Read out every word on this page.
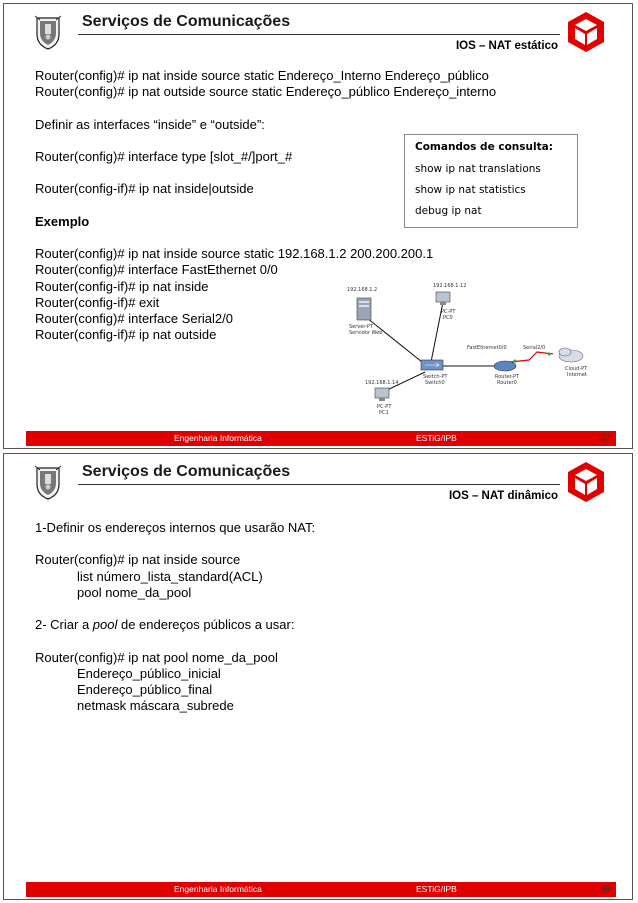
Serviços de Comunicações
IOS – NAT estático
Router(config)# ip nat inside source static Endereço_Interno Endereço_público
Router(config)# ip nat outside source static Endereço_público Endereço_interno
Definir as interfaces “inside” e “outside”:
Router(config)# interface type [slot_#/]port_#
Router(config-if)# ip nat inside|outside
Exemplo
Router(config)# ip nat inside source static 192.168.1.2 200.200.200.1
Router(config)# interface FastEthernet 0/0
Router(config-if)# ip nat inside
Router(config-if)# exit
Router(config)# interface Serial2/0
Router(config-if)# ip nat outside
Comandos de consulta:
show ip nat translations
show ip nat statistics
debug ip nat
192.168.1.2
Server-PT
Servidor Web
192.168.1.12
PC-PT
PC0
Switch-PT
Switch0
FastEthernet0/0	Serial2/0
Router-PT
Router0
Cloud-PT
Internet
192.168.1.14
PC-PT
PC1
Engenharia Informática	ESTiG/IPB	57
Serviços de Comunicações
IOS – NAT dinâmico
1-Definir os endereços internos que usarão NAT:
Router(config)# ip nat inside source
list número_lista_standard(ACL)
pool nome_da_pool
2- Criar a pool de endereços públicos a usar:
Router(config)# ip nat pool nome_da_pool
Endereço_público_inicial
Endereço_público_final
netmask máscara_subrede
Engenharia Informática	ESTiG/IPB	58
